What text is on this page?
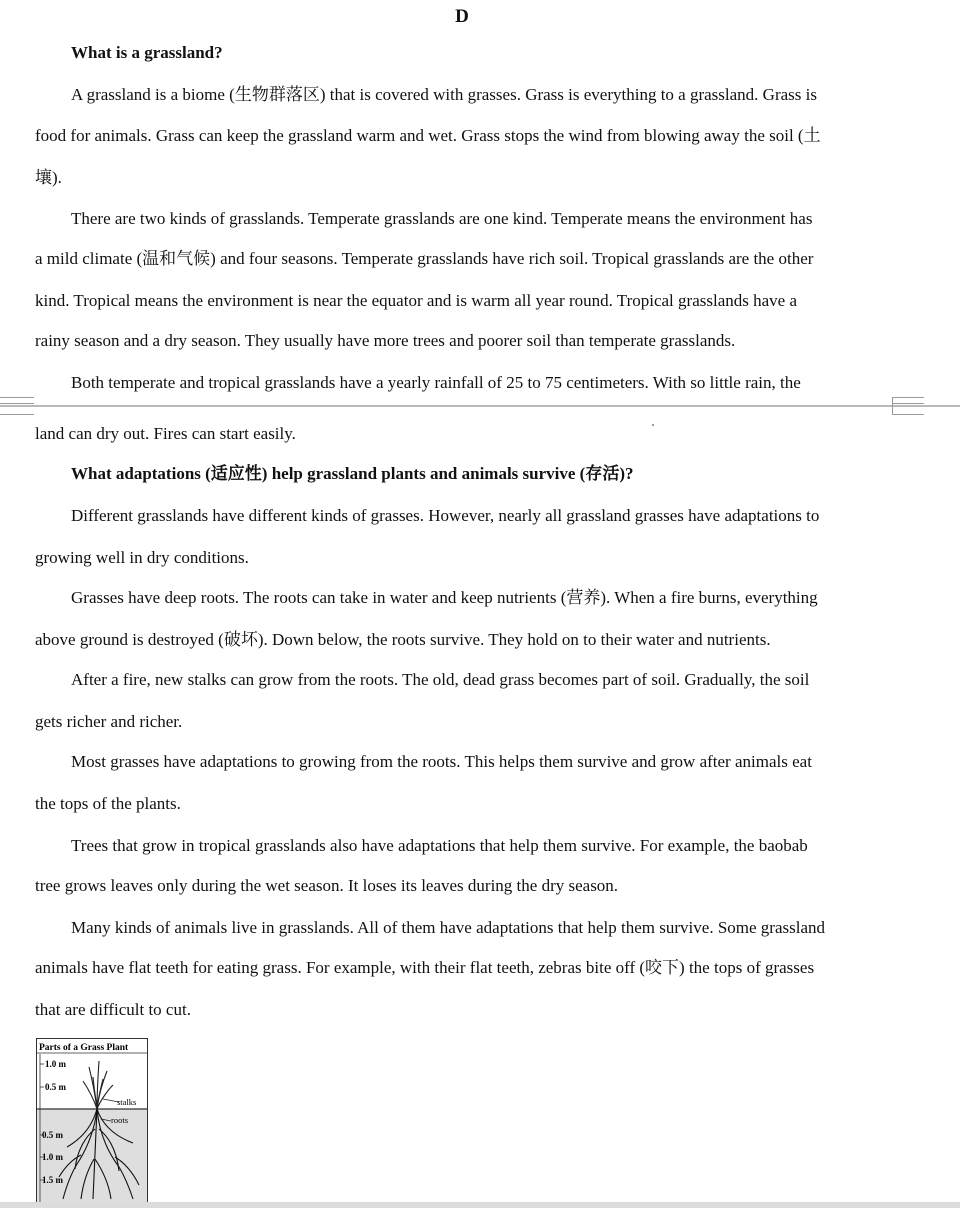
D
What is a grassland?
A grassland is a biome (生物群落区) that is covered with grasses. Grass is everything to a grassland. Grass is
food for animals. Grass can keep the grassland warm and wet. Grass stops the wind from blowing away the soil (土
壤).
There are two kinds of grasslands. Temperate grasslands are one kind. Temperate means the environment has
a mild climate (温和气候) and four seasons. Temperate grasslands have rich soil. Tropical grasslands are the other
kind. Tropical means the environment is near the equator and is warm all year round. Tropical grasslands have a
rainy season and a dry season. They usually have more trees and poorer soil than temperate grasslands.
Both temperate and tropical grasslands have a yearly rainfall of 25 to 75 centimeters. With so little rain, the
land can dry out. Fires can start easily.
What adaptations (适应性) help grassland plants and animals survive (存活)?
Different grasslands have different kinds of grasses. However, nearly all grassland grasses have adaptations to
growing well in dry conditions.
Grasses have deep roots. The roots can take in water and keep nutrients (营养). When a fire burns, everything
above ground is destroyed (破坏). Down below, the roots survive. They hold on to their water and nutrients.
After a fire, new stalks can grow from the roots. The old, dead grass becomes part of soil. Gradually, the soil
gets richer and richer.
Most grasses have adaptations to growing from the roots. This helps them survive and grow after animals eat
the tops of the plants.
Trees that grow in tropical grasslands also have adaptations that help them survive. For example, the baobab
tree grows leaves only during the wet season. It loses its leaves during the dry season.
Many kinds of animals live in grasslands. All of them have adaptations that help them survive. Some grassland
animals have flat teeth for eating grass. For example, with their flat teeth, zebras bite off (咬下) the tops of grasses
that are difficult to cut.
Parts of a Grass Plant
1.0 m
0.5 m
stalks
roots
0.5 m
1.0 m
1.5 m
